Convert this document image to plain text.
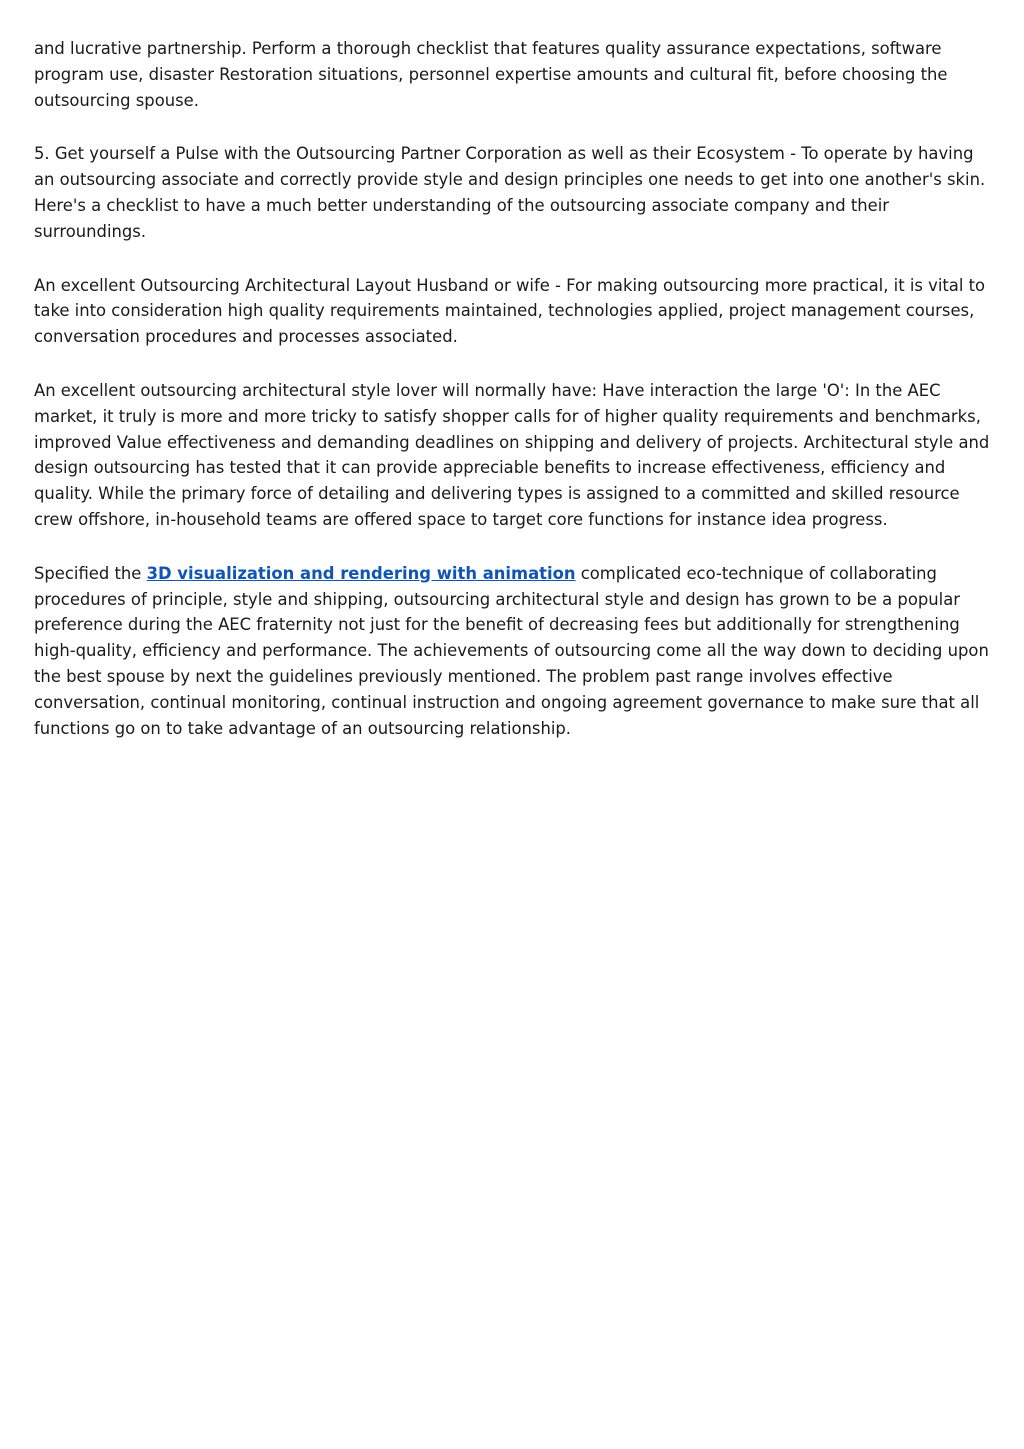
and lucrative partnership. Perform a thorough checklist that features quality assurance expectations, software program use, disaster Restoration situations, personnel expertise amounts and cultural fit, before choosing the outsourcing spouse.

5. Get yourself a Pulse with the Outsourcing Partner Corporation as well as their Ecosystem - To operate by having an outsourcing associate and correctly provide style and design principles one needs to get into one another's skin. Here's a checklist to have a much better understanding of the outsourcing associate company and their surroundings.

An excellent Outsourcing Architectural Layout Husband or wife - For making outsourcing more practical, it is vital to take into consideration high quality requirements maintained, technologies applied, project management courses, conversation procedures and processes associated.

An excellent outsourcing architectural style lover will normally have: Have interaction the large 'O': In the AEC market, it truly is more and more tricky to satisfy shopper calls for of higher quality requirements and benchmarks, improved Value effectiveness and demanding deadlines on shipping and delivery of projects. Architectural style and design outsourcing has tested that it can provide appreciable benefits to increase effectiveness, efficiency and quality. While the primary force of detailing and delivering types is assigned to a committed and skilled resource crew offshore, in-household teams are offered space to target core functions for instance idea progress.

Specified the 3D visualization and rendering with animation complicated eco-technique of collaborating procedures of principle, style and shipping, outsourcing architectural style and design has grown to be a popular preference during the AEC fraternity not just for the benefit of decreasing fees but additionally for strengthening high-quality, efficiency and performance. The achievements of outsourcing come all the way down to deciding upon the best spouse by next the guidelines previously mentioned. The problem past range involves effective conversation, continual monitoring, continual instruction and ongoing agreement governance to make sure that all functions go on to take advantage of an outsourcing relationship.
